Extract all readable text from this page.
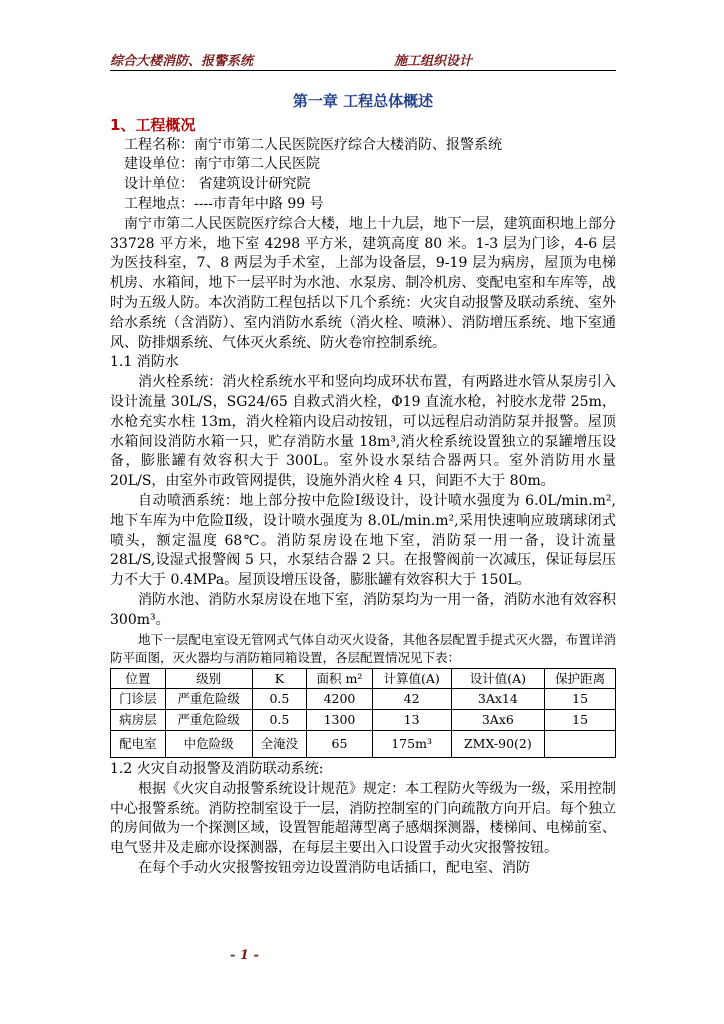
综合大楼消防、报警系统	施工组织设计
第一章 工程总体概述
1、工程概况
工程名称：南宁市第二人民医院医疗综合大楼消防、报警系统
建设单位：南宁市第二人民医院
设计单位： 省建筑设计研究院
工程地点：----市青年中路 99 号
南宁市第二人民医院医疗综合大楼，地上十九层，地下一层，建筑面积地上部分 33728 平方米，地下室 4298 平方米，建筑高度 80 米。1-3 层为门诊，4-6 层为医技科室，7、8 两层为手术室，上部为设备层，9-19 层为病房，屋顶为电梯机房、水箱间，地下一层平时为水池、水泵房、制冷机房、变配电室和车库等，战时为五级人防。本次消防工程包括以下几个系统：火灾自动报警及联动系统、室外给水系统（含消防）、室内消防水系统（消火栓、喷淋）、消防增压系统、地下室通风、防排烟系统、气体灭火系统、防火卷帘控制系统。
1.1 消防水
消火栓系统：消火栓系统水平和竖向均成环状布置，有两路进水管从泵房引入设计流量 30L/S，SG24/65 自救式消火栓，Φ19 直流水枪，衬胶水龙带 25m，水枪充实水柱 13m，消火栓箱内设启动按钮，可以远程启动消防泵并报警。屋顶水箱间设消防水箱一只，贮存消防水量 18m³,消火栓系统设置独立的泵罐增压设备，膨胀罐有效容积大于 300L。室外设水泵结合器两只。室外消防用水量 20L/S，由室外市政管网提供，设施外消火栓 4 只，间距不大于 80m。
自动喷洒系统：地上部分按中危险Ⅰ级设计，设计喷水强度为 6.0L/min.m²,地下车库为中危险Ⅱ级，设计喷水强度为 8.0L/min.m²,采用快速响应玻璃球闭式喷头，额定温度 68℃。消防泵房设在地下室，消防泵一用一备，设计流量 28L/S,设湿式报警阀 5 只，水泵结合器 2 只。在报警阀前一次减压，保证每层压力不大于 0.4MPa。屋顶设增压设备，膨胀罐有效容积大于 150L。
消防水池、消防水泵房设在地下室，消防泵均为一用一备，消防水池有效容积 300m³。
地下一层配电室设无管网式气体自动灭火设备，其他各层配置手提式灭火器，布置详消防平面图，灭火器均与消防箱同箱设置，各层配置情况见下表：
位置	级别	K	面积 m²	计算值(A)	设计值(A)	保护距离
门诊层	严重危险级	0.5	4200	42	3Ax14	15
病房层	严重危险级	0.5	1300	13	3Ax6	15
配电室	中危险级	全淹没	65	175m³	ZMX-90(2)	
1.2 火灾自动报警及消防联动系统:
根据《火灾自动报警系统设计规范》规定：本工程防火等级为一级，采用控制中心报警系统。消防控制室设于一层，消防控制室的门向疏散方向开启。每个独立的房间做为一个探测区域，设置智能超薄型离子感烟探测器，楼梯间、电梯前室、电气竖井及走廊亦设探测器，在每层主要出入口设置手动火灾报警按钮。
在每个手动火灾报警按钮旁边设置消防电话插口，配电室、消防
- 1 -
